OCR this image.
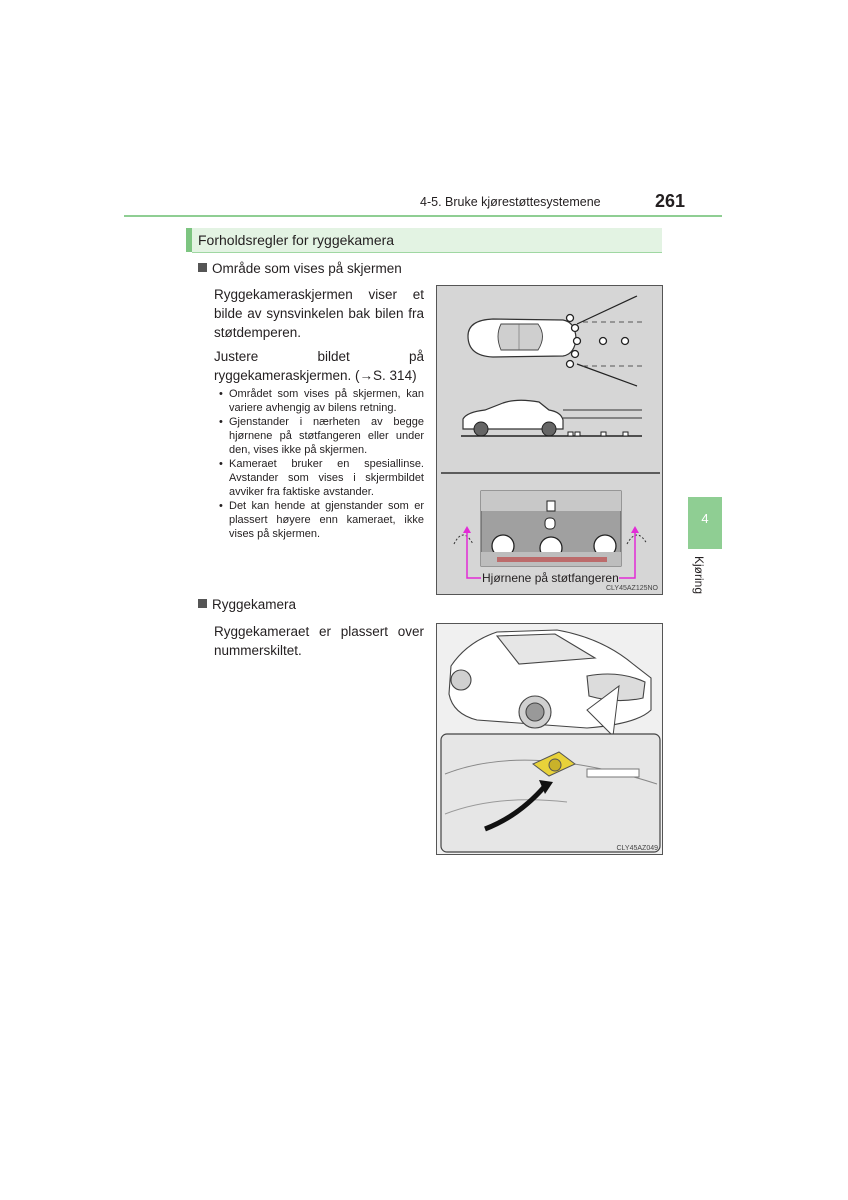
4-5. Bruke kjørestøttesystemene	261
Forholdsregler for ryggekamera
Område som vises på skjermen
Ryggekameraskjermen viser et bilde av synsvinkelen bak bilen fra støtdemperen.
Justere bildet på ryggekameraskjermen. (→S. 314)
• Området som vises på skjermen, kan variere avhengig av bilens retning.
• Gjenstander i nærheten av begge hjørnene på støtfangeren eller under den, vises ikke på skjermen.
• Kameraet bruker en spesiallinse. Avstander som vises i skjermbildet avviker fra faktiske avstander.
• Det kan hende at gjenstander som er plassert høyere enn kameraet, ikke vises på skjermen.
CLY45AZ125NO
Hjørnene på støtfangeren
Ryggekamera
Ryggekameraet er plassert over nummerskiltet.
CLY45AZ049
4
Kjøring
